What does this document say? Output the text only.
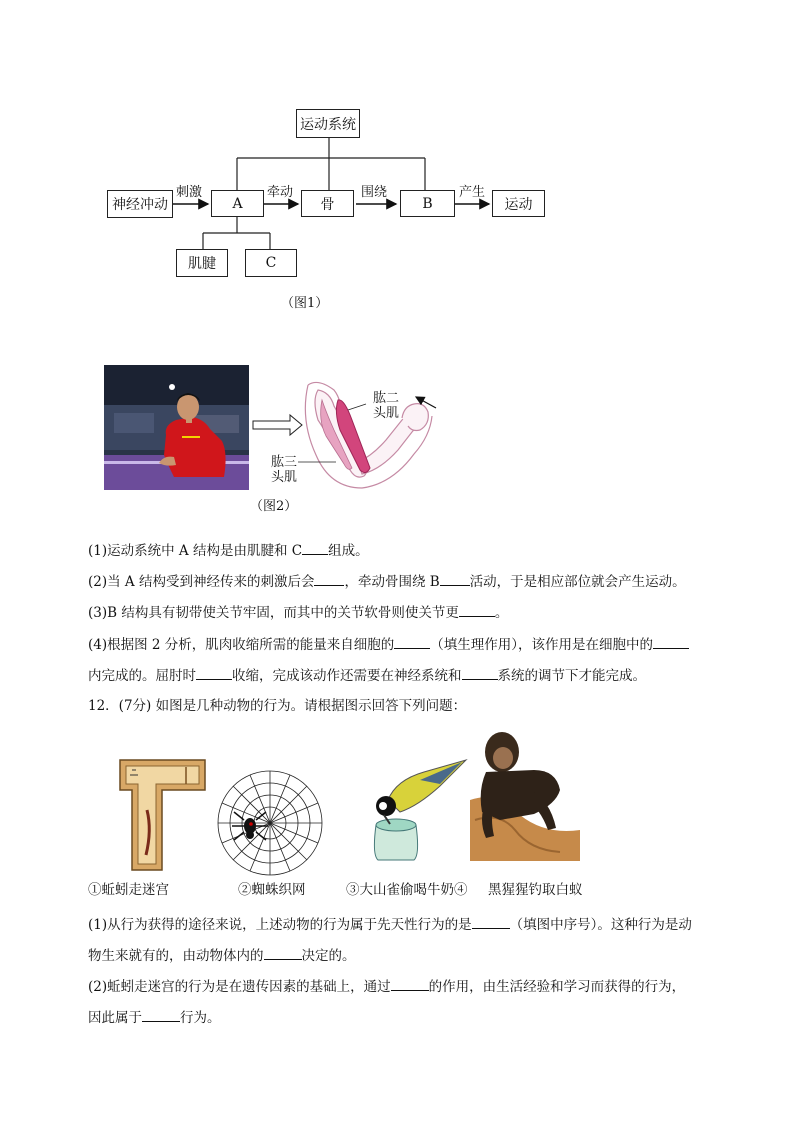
运动系统
神经冲动
刺激
A
牵动
骨
围绕
B
产生
运动
肌腱	C
（图1）
肱二
头肌
肱三
头肌
（图2）
(1)运动系统中 A 结构是由肌腱和 C 组成。
(2)当 A 结构受到神经传来的刺激后会 ，牵动骨围绕 B 活动，于是相应部位就会产生运动。
(3)B 结构具有韧带使关节牢固，而其中的关节软骨则使关节更	。
(4)根据图 2 分析，肌肉收缩所需的能量来自细胞的	（填生理作用），该作用是在细胞中的
内完成的。屈肘时	收缩，完成该动作还需要在神经系统和	系统的调节下才能完成。
12．(7分) 如图是几种动物的行为。请根据图示回答下列问题：
①蚯蚓走迷宫	②蜘蛛织网	③大山雀偷喝牛奶④ 黑猩猩钓取白蚁
(1)从行为获得的途径来说，上述动物的行为属于先天性行为的是	（填图中序号）。这种行为是动
物生来就有的，由动物体内的	决定的。
(2)蚯蚓走迷宫的行为是在遗传因素的基础上，通过	的作用，由生活经验和学习而获得的行为，
因此属于	行为。
